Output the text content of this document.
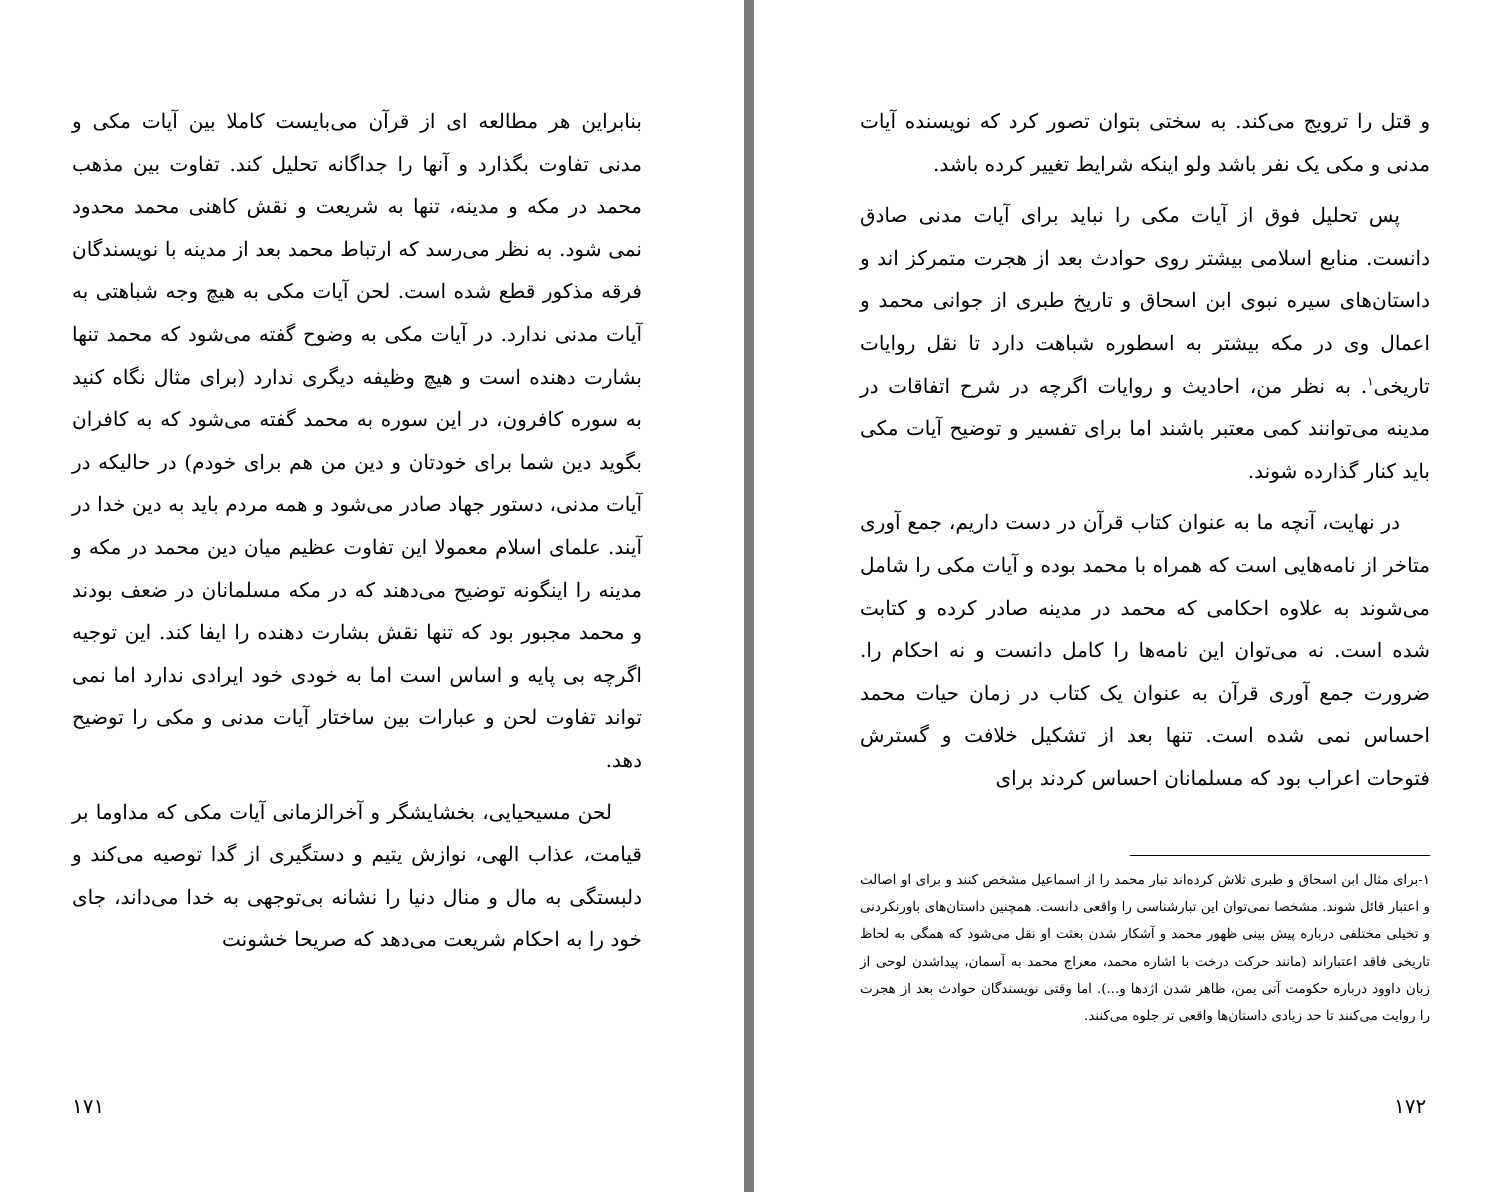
بنابراین هر مطالعه ای از قرآن می‌بایست کاملا بین آیات مکی و مدنی تفاوت بگذارد و آنها را جداگانه تحلیل کند. تفاوت بین مذهب محمد در مکه و مدینه، تنها به شریعت و نقش کاهنی محمد محدود نمی شود. به نظر می‌رسد که ارتباط محمد بعد از مدینه با نویسندگان فرقه مذکور قطع شده است. لحن آیات مکی به هیچ وجه شباهتی به آیات مدنی ندارد. در آیات مکی به وضوح گفته می‌شود که محمد تنها بشارت دهنده است و هیچ وظیفه دیگری ندارد (برای مثال نگاه کنید به سوره کافرون، در این سوره به محمد گفته می‌شود که به کافران بگوید دین شما برای خودتان و دین من هم برای خودم) در حالیکه در آیات مدنی، دستور جهاد صادر می‌شود و همه مردم باید به دین خدا در آیند. علمای اسلام معمولا این تفاوت عظیم میان دین محمد در مکه و مدینه را اینگونه توضیح می‌دهند که در مکه مسلمانان در ضعف بودند و محمد مجبور بود که تنها نقش بشارت دهنده را ایفا کند. این توجیه اگرچه بی پایه و اساس است اما به خودی خود ایرادی ندارد اما نمی تواند تفاوت لحن و عبارات بین ساختار آیات مدنی و مکی را توضیح دهد.

لحن مسیحیایی، بخشایشگر و آخرالزمانی آیات مکی که مداوما بر قیامت، عذاب الهی، نوازش یتیم و دستگیری از گدا توصیه می‌کند و دلبستگی به مال و منال دنیا را نشانه بی‌توجهی به خدا می‌داند، جای خود را به احکام شریعت می‌دهد که صریحا خشونت

۱۷۱

و قتل را ترویج می‌کند. به سختی بتوان تصور کرد که نویسنده آیات مدنی و مکی یک نفر باشد ولو اینکه شرایط تغییر کرده باشد.

پس تحلیل فوق از آیات مکی را نباید برای آیات مدنی صادق دانست. منابع اسلامی بیشتر روی حوادث بعد از هجرت متمرکز اند و داستان‌های سیره نبوی ابن اسحاق و تاریخ طبری از جوانی محمد و اعمال وی در مکه بیشتر به اسطوره شباهت دارد تا نقل روایات تاریخی$^۱$. به نظر من، احادیث و روایات اگرچه در شرح اتفاقات در مدینه می‌توانند کمی معتبر باشند اما برای تفسیر و توضیح آیات مکی باید کنار گذارده شوند.

در نهایت، آنچه ما به عنوان کتاب قرآن در دست داریم، جمع آوری متاخر از نامه‌هایی است که همراه با محمد بوده و آیات مکی را شامل می‌شوند به علاوه احکامی که محمد در مدینه صادر کرده و کتابت شده است. نه می‌توان این نامه‌ها را کامل دانست و نه احکام را. ضرورت جمع آوری قرآن به عنوان یک کتاب در زمان حیات محمد احساس نمی شده است. تنها بعد از تشکیل خلافت و گسترش فتوحات اعراب بود که مسلمانان احساس کردند برای

۱-برای مثال ابن اسحاق و طبری تلاش کرده‌اند تبار محمد را از اسماعیل مشخص کنند و برای او اصالت و اعتبار قائل شوند. مشخصا نمی‌توان این تبارشناسی را واقعی دانست. همچنین داستان‌های باورنکردنی و تخیلی مختلفی درباره پیش بینی ظهور محمد و آشکار شدن بعثت او نقل می‌شود که همگی به لحاظ تاریخی فاقد اعتباراند (مانند حرکت درخت با اشاره محمد، معراج محمد به آسمان، پیداشدن لوحی از زبان داوود درباره حکومت آتی یمن، ظاهر شدن اژدها و...). اما وقتی نویسندگان حوادث بعد از هجرت را روایت می‌کنند تا حد زیادی داستان‌ها واقعی تر جلوه می‌کنند.
۱۷۲
